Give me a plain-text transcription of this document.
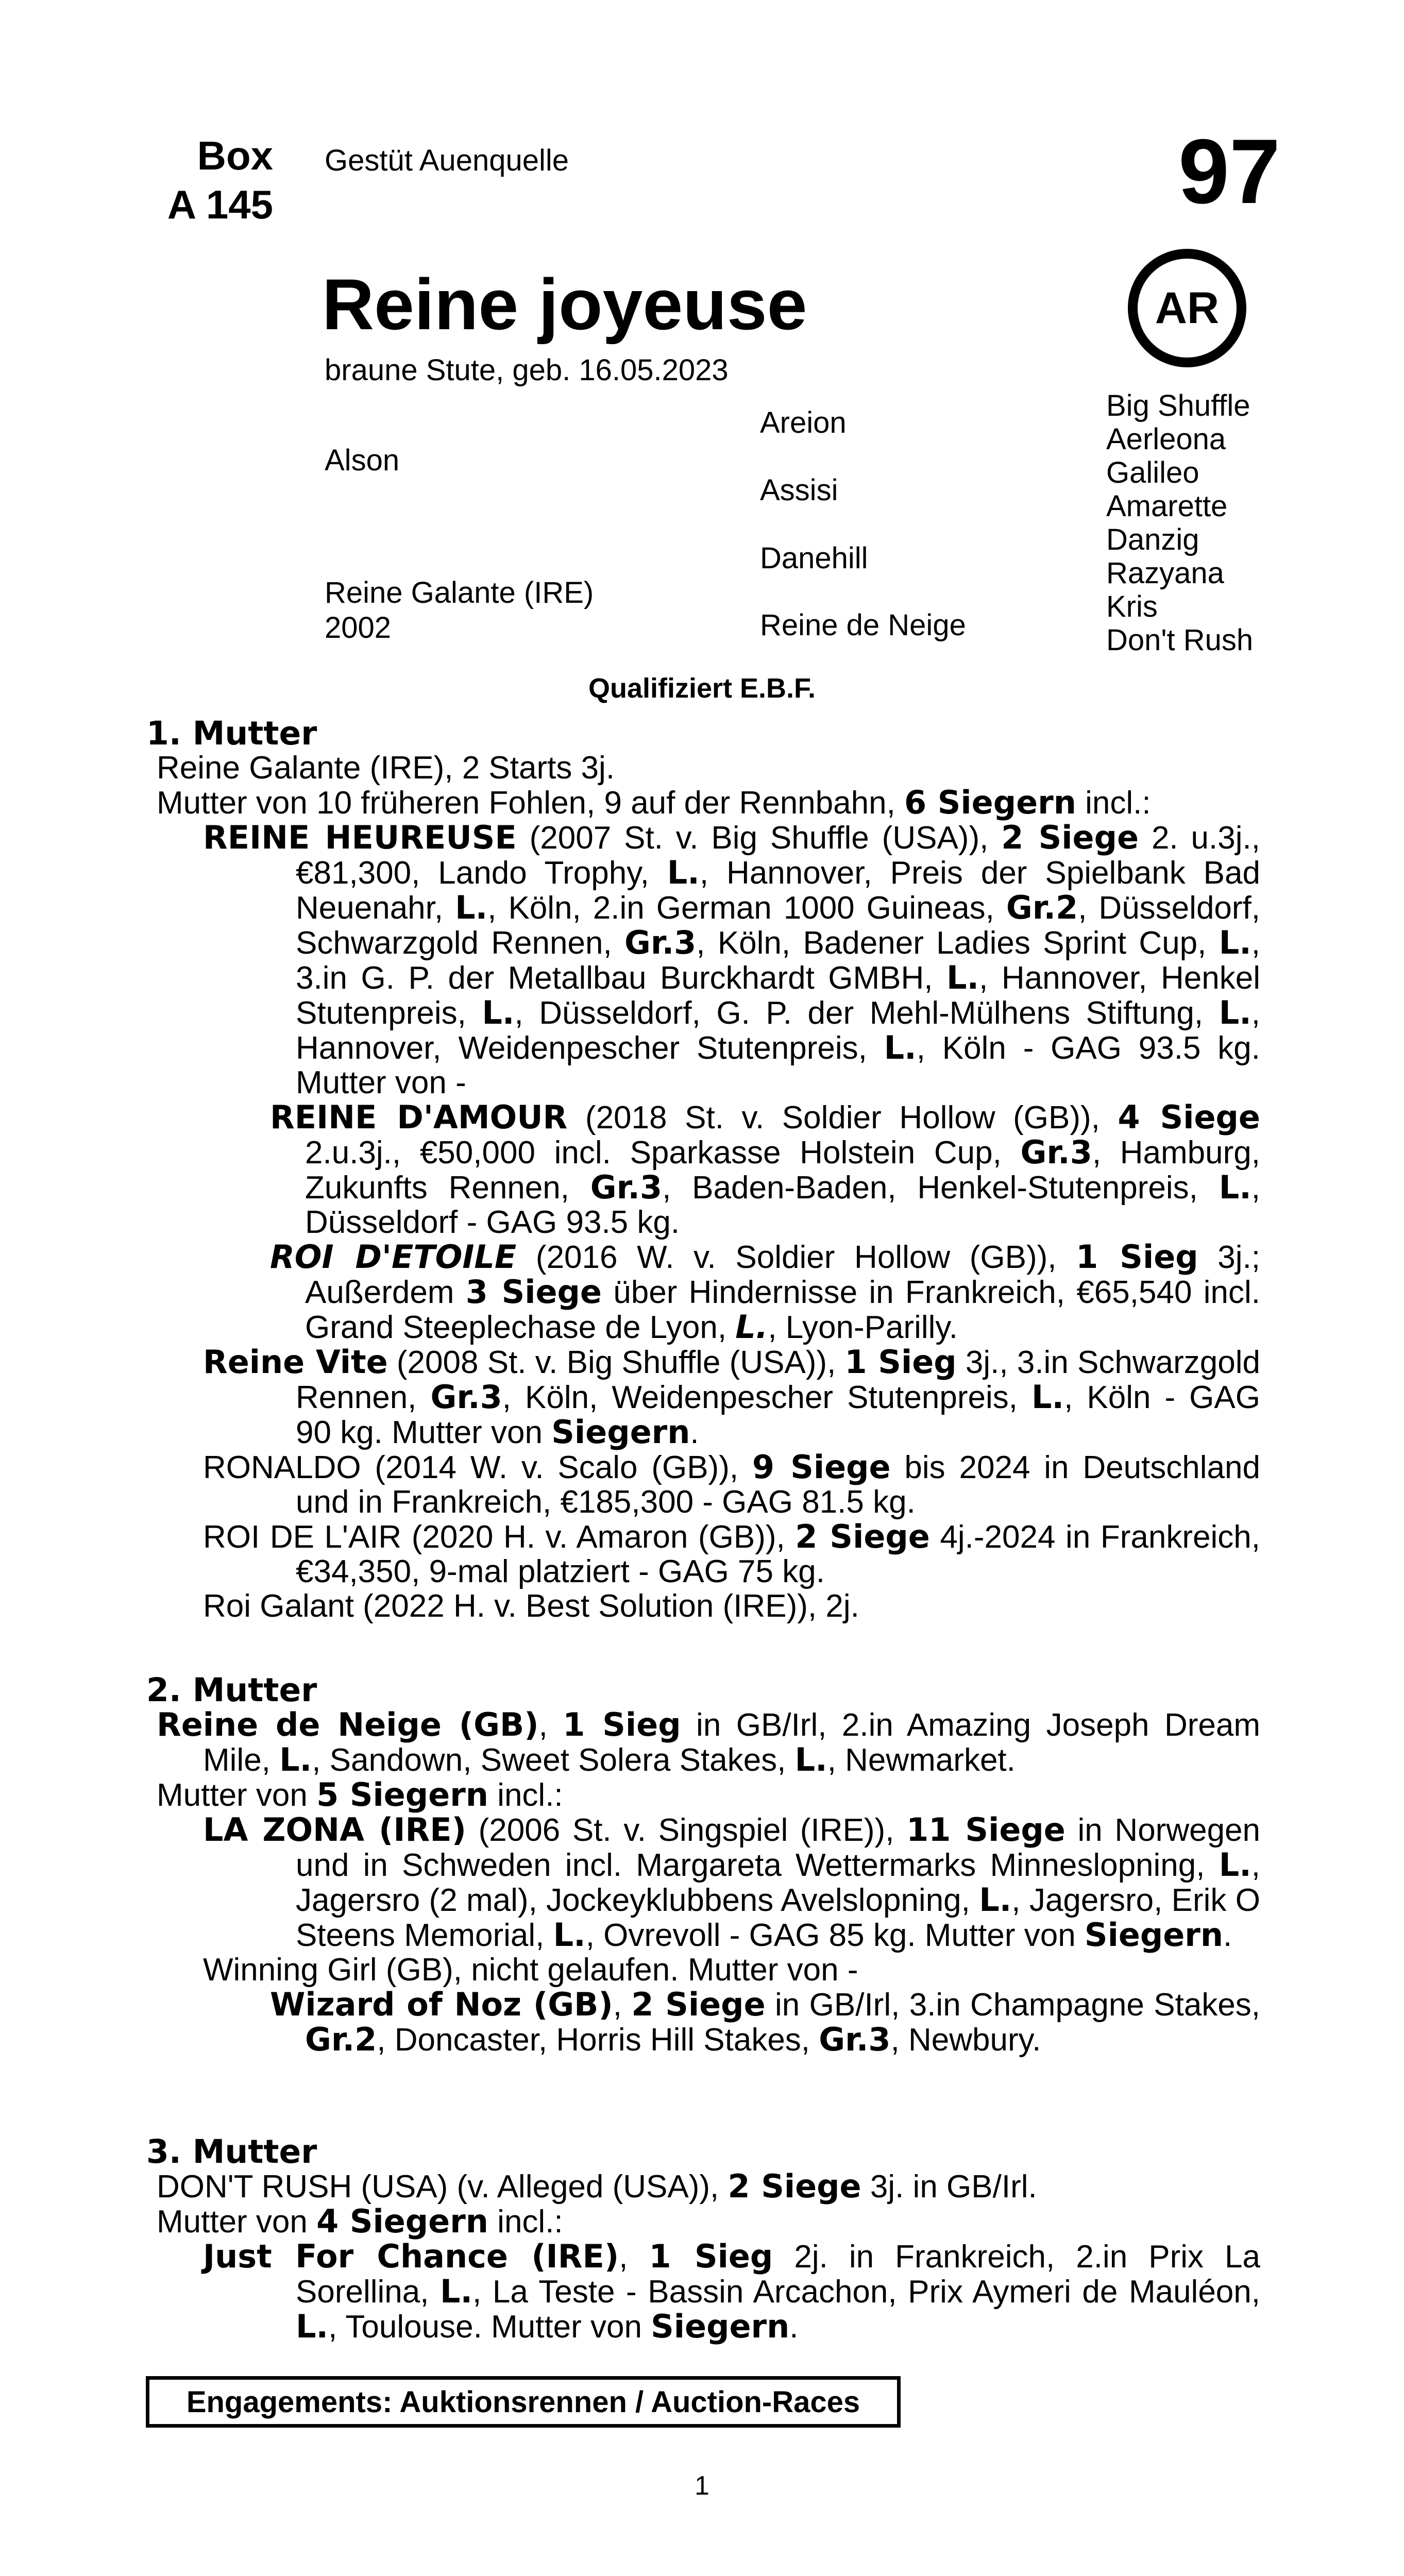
Box
A 145
Gestüt Auenquelle	97
AR
Reine joyeuse
braune Stute, geb. 16.05.2023
Alson
Reine Galante (IRE)
2002
Areion
Assisi
Danehill
Reine de Neige
Big Shuffle
Aerleona
Galileo
Amarette
Danzig
Razyana
Kris
Don't Rush
Qualifiziert E.B.F.
1. Mutter

Reine Galante (IRE), 2 Starts 3j.

Mutter von 10 früheren Fohlen, 9 auf der Rennbahn, 6 Siegern incl.:

REINE HEUREUSE (2007 St. v. Big Shuffle (USA)), 2 Siege 2. u.3j., €81,300, Lando Trophy, L., Hannover, Preis der Spielbank Bad Neuenahr, L., Köln, 2.in German 1000 Guineas, Gr.2, Düsseldorf, Schwarzgold Rennen, Gr.3, Köln, Badener Ladies Sprint Cup, L., 3.in G. P. der Metallbau Burckhardt GMBH, L., Hannover, Henkel Stutenpreis, L., Düsseldorf, G. P. der Mehl-Mülhens Stiftung, L., Hannover, Weidenpescher Stutenpreis, L., Köln - GAG 93.5 kg. Mutter von -

REINE D'AMOUR (2018 St. v. Soldier Hollow (GB)), 4 Siege 2.u.3j., €50,000 incl. Sparkasse Holstein Cup, Gr.3, Hamburg, Zukunfts Rennen, Gr.3, Baden-Baden, Henkel-Stutenpreis, L., Düsseldorf - GAG 93.5 kg.

ROI D'ETOILE (2016 W. v. Soldier Hollow (GB)), 1 Sieg 3j.; Außerdem 3 Siege über Hindernisse in Frankreich, €65,540 incl. Grand Steeplechase de Lyon, L., Lyon-Parilly.

Reine Vite (2008 St. v. Big Shuffle (USA)), 1 Sieg 3j., 3.in Schwarzgold Rennen, Gr.3, Köln, Weidenpescher Stutenpreis, L., Köln - GAG 90 kg. Mutter von Siegern.

RONALDO (2014 W. v. Scalo (GB)), 9 Siege bis 2024 in Deutschland und in Frankreich, €185,300 - GAG 81.5 kg.

ROI DE L'AIR (2020 H. v. Amaron (GB)), 2 Siege 4j.-2024 in Frankreich, €34,350, 9-mal platziert - GAG 75 kg.

Roi Galant (2022 H. v. Best Solution (IRE)), 2j.

2. Mutter

Reine de Neige (GB), 1 Sieg in GB/Irl, 2.in Amazing Joseph Dream Mile, L., Sandown, Sweet Solera Stakes, L., Newmarket.

Mutter von 5 Siegern incl.:

LA ZONA (IRE) (2006 St. v. Singspiel (IRE)), 11 Siege in Norwegen und in Schweden incl. Margareta Wettermarks Minneslopning, L., Jagersro (2 mal), Jockeyklubbens Avelslopning, L., Jagersro, Erik O Steens Memorial, L., Ovrevoll - GAG 85 kg. Mutter von Siegern.

Winning Girl (GB), nicht gelaufen. Mutter von -

Wizard of Noz (GB), 2 Siege in GB/Irl, 3.in Champagne Stakes, Gr.2, Doncaster, Horris Hill Stakes, Gr.3, Newbury.

3. Mutter

DON'T RUSH (USA) (v. Alleged (USA)), 2 Siege 3j. in GB/Irl.

Mutter von 4 Siegern incl.:

Just For Chance (IRE), 1 Sieg 2j. in Frankreich, 2.in Prix La Sorellina, L., La Teste - Bassin Arcachon, Prix Aymeri de Mauléon, L., Toulouse. Mutter von Siegern.

Engagements: Auktionsrennen / Auction-Races
1
